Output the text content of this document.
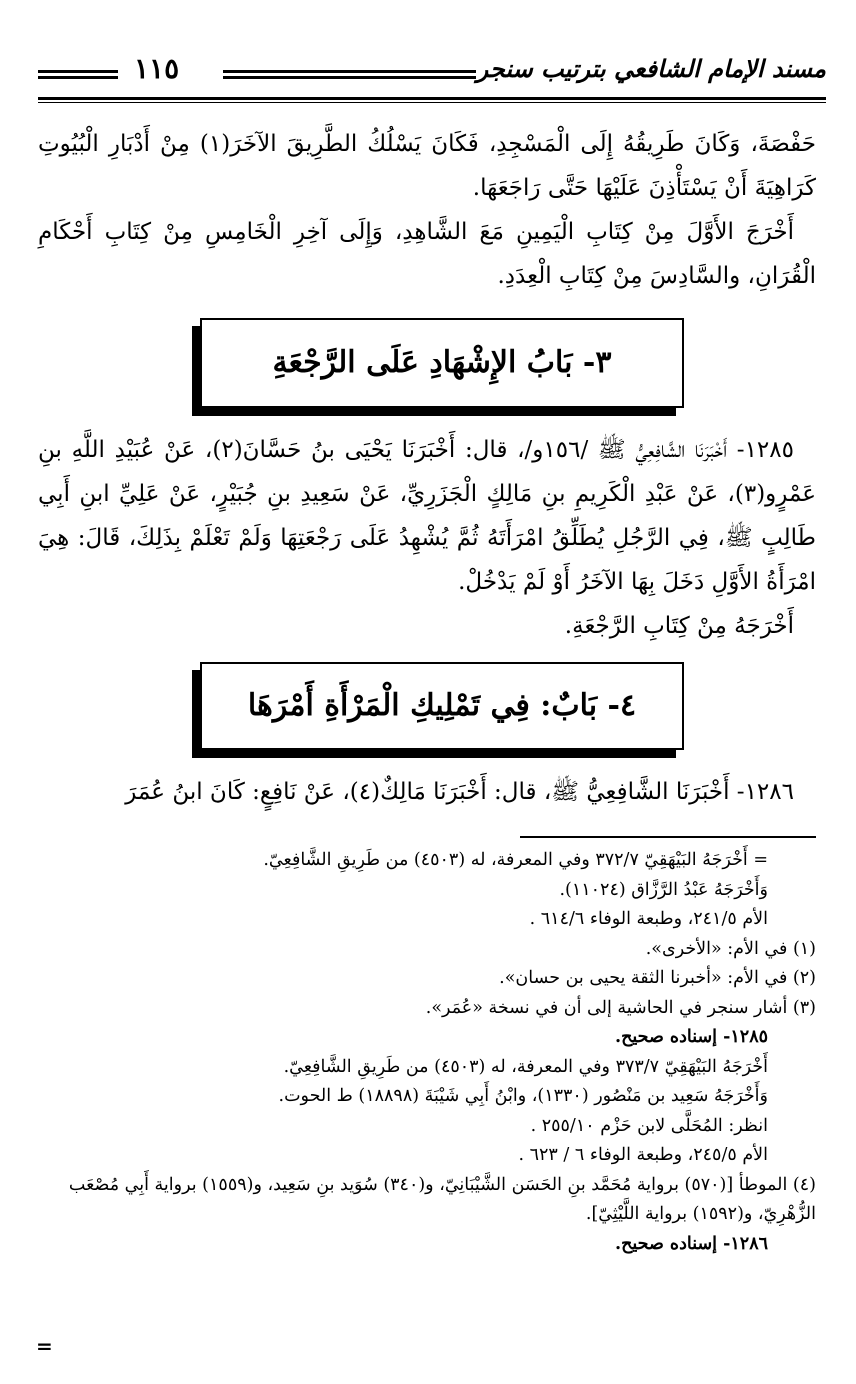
مسند الإمام الشافعي بترتيب سنجر
١١٥

حَفْصَةَ، وَكَانَ طَرِيقُهُ إِلَى الْمَسْجِدِ، فَكَانَ يَسْلُكُ الطَّرِيقَ الآخَرَ(١) مِنْ أَدْبَارِ الْبُيُوتِ كَرَاهِيَةَ أَنْ يَسْتَأْذِنَ عَلَيْهَا حَتَّى رَاجَعَهَا.

أَخْرَجَ الأَوَّلَ مِنْ كِتَابِ الْيَمِينِ مَعَ الشَّاهِدِ، وَإِلَى آخِرِ الْخَامِسِ مِنْ كِتَابِ أَحْكَامِ الْقُرَانِ، والسَّادِسَ مِنْ كِتَابِ الْعِدَدِ.

٣- بَابُ الإِشْهَادِ عَلَى الرَّجْعَةِ

١٢٨٥- أَخْبَرَنَا الشَّافِعِيُّ ﷺ /١٥٦و/، قال: أَخْبَرَنَا يَحْيَى بنُ حَسَّانَ(٢)، عَنْ عُبَيْدِ اللَّهِ بنِ عَمْرٍو(٣)، عَنْ عَبْدِ الْكَرِيمِ بنِ مَالِكٍ الْجَزَرِيِّ، عَنْ سَعِيدِ بنِ جُبَيْرٍ، عَنْ عَلِيِّ ابنِ أَبِي طَالِبٍ ﷺ، فِي الرَّجُلِ يُطَلِّقُ امْرَأَتَهُ ثُمَّ يُشْهِدُ عَلَى رَجْعَتِهَا وَلَمْ تَعْلَمْ بِذَلِكَ، قَالَ: هِيَ امْرَأَةُ الأَوَّلِ دَخَلَ بِهَا الآخَرُ أَوْ لَمْ يَدْخُلْ.

أَخْرَجَهُ مِنْ كِتَابِ الرَّجْعَةِ.

٤- بَابٌ: فِي تَمْلِيكِ الْمَرْأَةِ أَمْرَهَا

١٢٨٦- أَخْبَرَنَا الشَّافِعِيُّ ﷺ، قال: أَخْبَرَنَا مَالِكٌ(٤)، عَنْ نَافِعٍ: كَانَ ابنُ عُمَرَ

= أَخْرَجَهُ البَيْهَقِيّ ٣٧٢/٧ وفي المعرفة، له (٤٥٠٣) من طَرِيقِ الشَّافِعِيّ.

وَأَخْرَجَهُ عَبْدُ الرَّزَّاق (١١٠٢٤).

الأم ٢٤١/٥، وطبعة الوفاء ٦١٤/٦ .

(١) في الأم: «الأخرى».

(٢) في الأم: «أخبرنا الثقة يحيى بن حسان».

(٣) أشار سنجر في الحاشية إلى أن في نسخة «عُمَر».

١٢٨٥- إسناده صحيح.

أَخْرَجَهُ البَيْهَقِيّ ٣٧٣/٧ وفي المعرفة، له (٤٥٠٣) من طَرِيقِ الشَّافِعِيّ.

وَأَخْرَجَهُ سَعِيد بن مَنْصُور (١٣٣٠)، وابْنُ أَبِي شَيْبَةَ (١٨٨٩٨) ط الحوت.

انظر: المُحَلَّى لابن حَزْم ٢٥٥/١٠ .

الأم ٢٤٥/٥، وطبعة الوفاء ٦ / ٦٢٣ .

(٤) الموطأ [(٥٧٠) برواية مُحَمَّد بنِ الحَسَن الشَّيْبَانِيّ، و(٣٤٠) سُوَيد بنِ سَعِيد، و(١٥٥٩) برواية أَبِي مُصْعَب الزُّهْرِيّ، و(١٥٩٢) برواية اللَّيْثِيّ].

١٢٨٦- إسناده صحيح.

=
